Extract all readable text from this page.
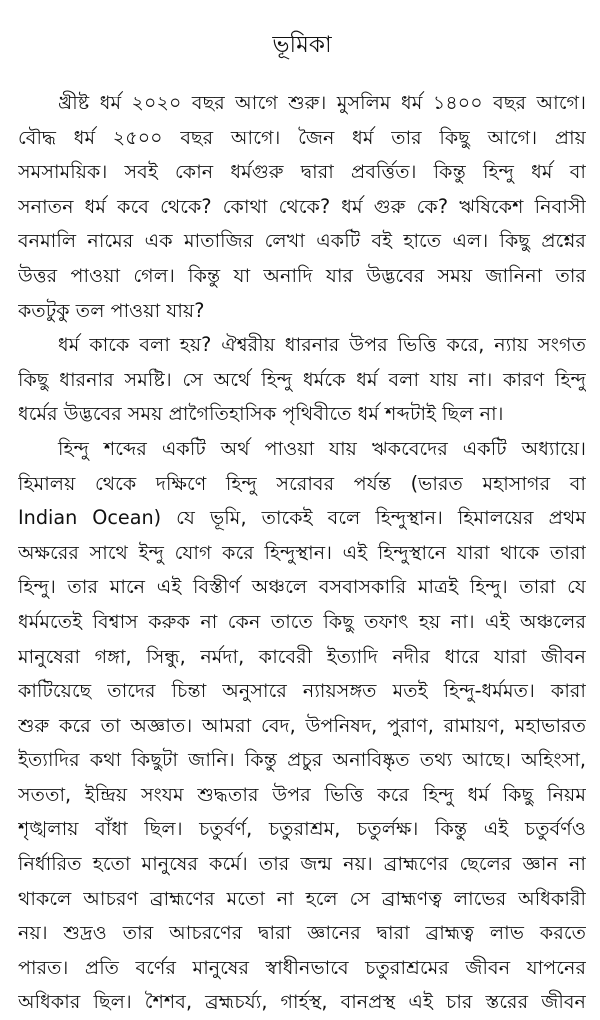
ভূমিকা
খ্রীষ্ট ধর্ম ২০২০ বছর আগে শুরু। মুসলিম ধর্ম ১৪০০ বছর আগে।
বৌদ্ধ ধর্ম ২৫০০ বছর আগে। জৈন ধর্ম তার কিছু আগে। প্রায়
সমসাময়িক। সবই কোন ধর্মগুরু দ্বারা প্রবর্ত্তিত। কিন্তু হিন্দু ধর্ম বা
সনাতন ধর্ম কবে থেকে? কোথা থেকে? ধর্ম গুরু কে? ঋষিকেশ নিবাসী
বনমালি নামের এক মাতাজির লেখা একটি বই হাতে এল। কিছু প্রশ্নের
উত্তর পাওয়া গেল। কিন্তু যা অনাদি যার উদ্ভবের সময় জানিনা তার
কতটুকু তল পাওয়া যায়?
ধর্ম কাকে বলা হয়? ঐশ্বরীয় ধারনার উপর ভিত্তি করে, ন্যায় সংগত
কিছু ধারনার সমষ্টি। সে অর্থে হিন্দু ধর্মকে ধর্ম বলা যায় না। কারণ হিন্দু
ধর্মের উদ্ভবের সময় প্রাগৈতিহাসিক পৃথিবীতে ধর্ম শব্দটাই ছিল না।
হিন্দু শব্দের একটি অর্থ পাওয়া যায় ঋকবেদের একটি অধ্যায়ে।
হিমালয় থেকে দক্ষিণে হিন্দু সরোবর পর্যন্ত (ভারত মহাসাগর বা
Indian Ocean) যে ভূমি, তাকেই বলে হিন্দুস্থান। হিমালয়ের প্রথম
অক্ষরের সাথে ইন্দু যোগ করে হিন্দুস্থান। এই হিন্দুস্থানে যারা থাকে তারা
হিন্দু। তার মানে এই বিস্তীর্ণ অঞ্চলে বসবাসকারি মাত্রই হিন্দু। তারা যে
ধর্মমতেই বিশ্বাস করুক না কেন তাতে কিছু তফাৎ হয় না। এই অঞ্চলের
মানুষেরা গঙ্গা, সিন্ধু, নর্মদা, কাবেরী ইত্যাদি নদীর ধারে যারা জীবন
কাটিয়েছে তাদের চিন্তা অনুসারে ন্যায়সঙ্গত মতই হিন্দু-ধর্মমত। কারা
শুরু করে তা অজ্ঞাত। আমরা বেদ, উপনিষদ, পুরাণ, রামায়ণ, মহাভারত
ইত্যাদির কথা কিছুটা জানি। কিন্তু প্রচুর অনাবিষ্কৃত তথ্য আছে। অহিংসা,
সততা, ইন্দ্রিয় সংযম শুদ্ধতার উপর ভিত্তি করে হিন্দু ধর্ম কিছু নিয়ম
শৃঙ্খলায় বাঁধা ছিল। চতুর্বর্ণ, চতুরাশ্রম, চতুর্লক্ষ। কিন্তু এই চতুর্বর্ণও
নির্ধারিত হতো মানুষের কর্মে। তার জন্ম নয়। ব্রাহ্মণের ছেলের জ্ঞান না
থাকলে আচরণ ব্রাহ্মণের মতো না হলে সে ব্রাহ্মণত্ব লাভের অধিকারী
নয়। শুদ্রও তার আচরণের দ্বারা জ্ঞানের দ্বারা ব্রাহ্মত্ব লাভ করতে
পারত। প্রতি বর্ণের মানুষের স্বাধীনভাবে চতুরাশ্রমের জীবন যাপনের
অধিকার ছিল। শৈশব, ব্রহ্মচর্য্য, গার্হস্থ, বানপ্রস্থ এই চার স্তরের জীবন
